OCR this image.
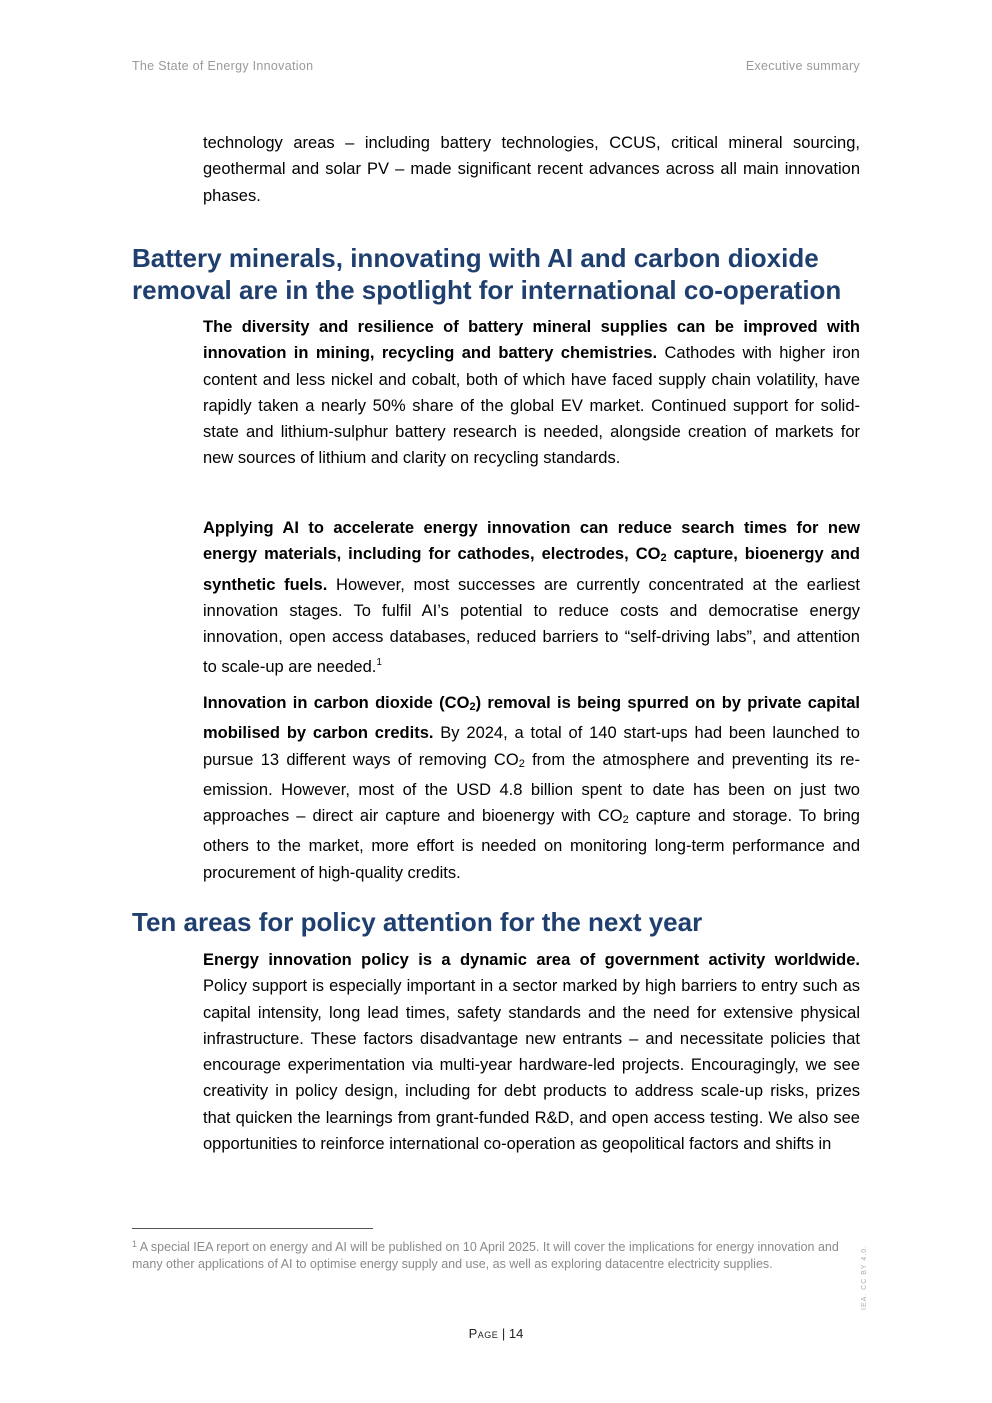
The State of Energy Innovation	Executive summary

technology areas – including battery technologies, CCUS, critical mineral sourcing, geothermal and solar PV – made significant recent advances across all main innovation phases.

Battery minerals, innovating with AI and carbon dioxide removal are in the spotlight for international co-operation

The diversity and resilience of battery mineral supplies can be improved with innovation in mining, recycling and battery chemistries. Cathodes with higher iron content and less nickel and cobalt, both of which have faced supply chain volatility, have rapidly taken a nearly 50% share of the global EV market. Continued support for solid-state and lithium-sulphur battery research is needed, alongside creation of markets for new sources of lithium and clarity on recycling standards.

Applying AI to accelerate energy innovation can reduce search times for new energy materials, including for cathodes, electrodes, CO2 capture, bioenergy and synthetic fuels. However, most successes are currently concentrated at the earliest innovation stages. To fulfil AI’s potential to reduce costs and democratise energy innovation, open access databases, reduced barriers to “self-driving labs”, and attention to scale-up are needed.$^1$

Innovation in carbon dioxide (CO2) removal is being spurred on by private capital mobilised by carbon credits. By 2024, a total of 140 start-ups had been launched to pursue 13 different ways of removing CO2 from the atmosphere and preventing its re-emission. However, most of the USD 4.8 billion spent to date has been on just two approaches – direct air capture and bioenergy with CO2 capture and storage. To bring others to the market, more effort is needed on monitoring long-term performance and procurement of high-quality credits.

Ten areas for policy attention for the next year

Energy innovation policy is a dynamic area of government activity worldwide. Policy support is especially important in a sector marked by high barriers to entry such as capital intensity, long lead times, safety standards and the need for extensive physical infrastructure. These factors disadvantage new entrants – and necessitate policies that encourage experimentation via multi-year hardware-led projects. Encouragingly, we see creativity in policy design, including for debt products to address scale-up risks, prizes that quicken the learnings from grant-funded R&D, and open access testing. We also see opportunities to reinforce international co-operation as geopolitical factors and shifts in

$^1$ A special IEA report on energy and AI will be published on 10 April 2025. It will cover the implications for energy innovation and many other applications of AI to optimise energy supply and use, as well as exploring datacentre electricity supplies.

Page | 14
IEA. CC BY 4.0.
